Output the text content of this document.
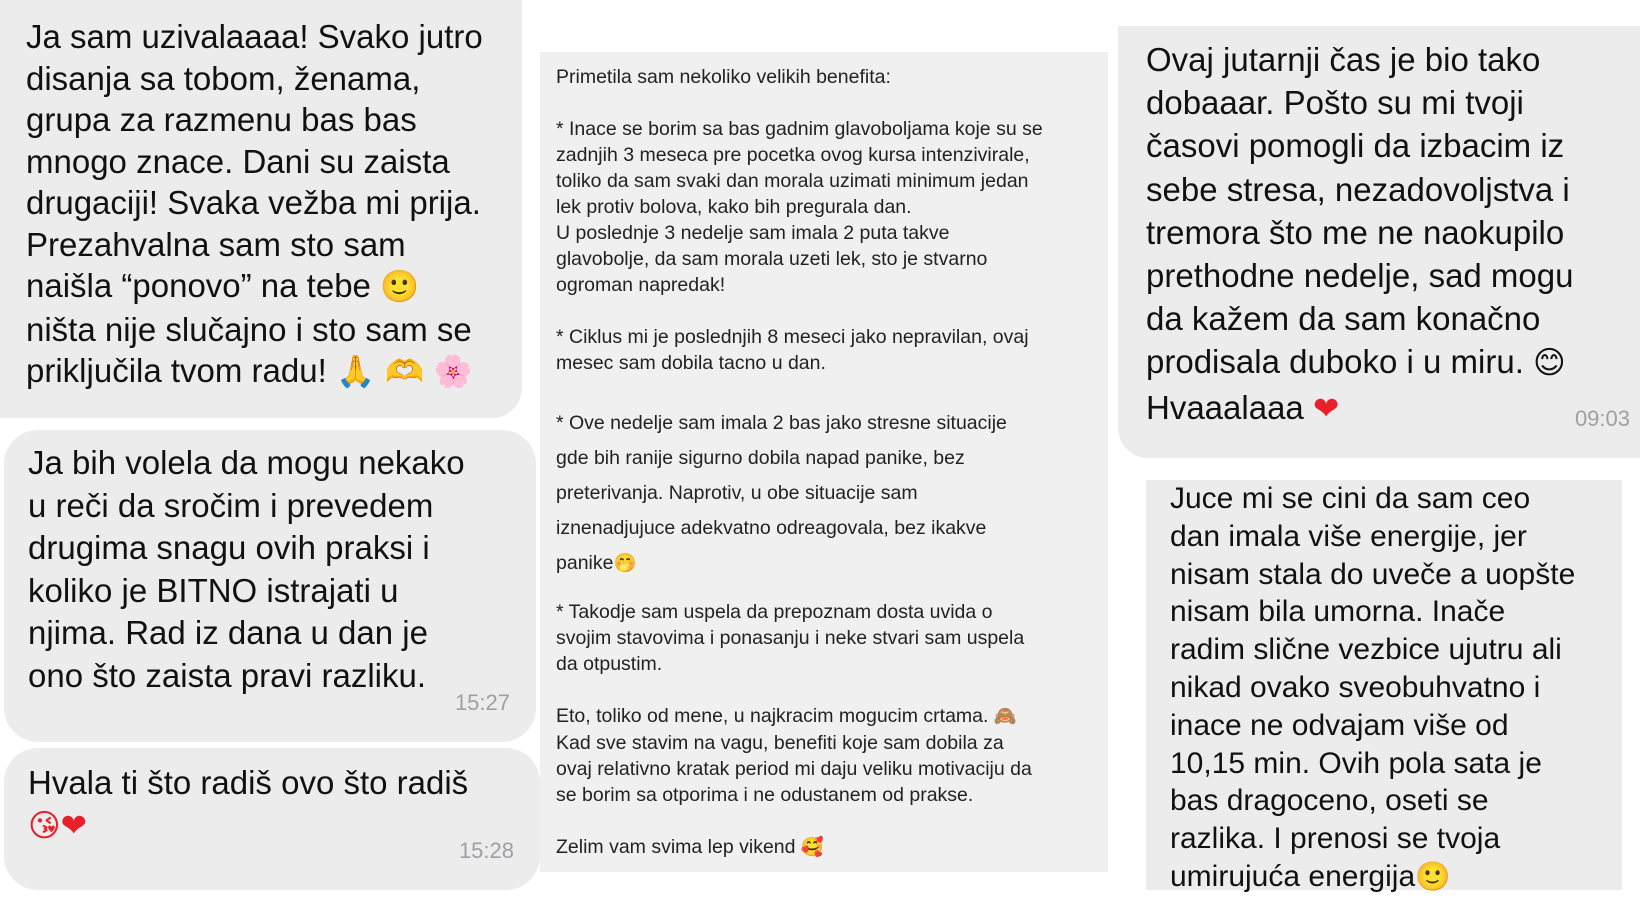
Ja sam uzivalaaaa! Svako jutro
disanja sa tobom, ženama,
grupa za razmenu bas bas
mnogo znace. Dani su zaista
drugaciji! Svaka vežba mi prija.
Prezahvalna sam sto sam
naišla “ponovo” na tebe 🙂
ništa nije slučajno i sto sam se
priključila tvom radu! 🙏 🫶 🌸

Ja bih volela da mogu nekako
u reči da sročim i prevedem
drugima snagu ovih praksi i
koliko je BITNO istrajati u
njima. Rad iz dana u dan je
ono što zaista pravi razliku.

15:27

Hvala ti što radiš ovo što radiš
😘❤

15:28

Primetila sam nekoliko velikih benefita:

* Inace se borim sa bas gadnim glavoboljama koje su se
zadnjih 3 meseca pre pocetka ovog kursa intenzivirale,
toliko da sam svaki dan morala uzimati minimum jedan
lek protiv bolova, kako bih pregurala dan.
U poslednje 3 nedelje sam imala 2 puta takve
glavobolje, da sam morala uzeti lek, sto je stvarno
ogroman napredak!

* Ciklus mi je poslednjih 8 meseci jako nepravilan, ovaj
mesec sam dobila tacno u dan.

* Ove nedelje sam imala 2 bas jako stresne situacije
gde bih ranije sigurno dobila napad panike, bez
preterivanja. Naprotiv, u obe situacije sam
iznenadjujuce adekvatno odreagovala, bez ikakve
panike🤭

* Takodje sam uspela da prepoznam dosta uvida o
svojim stavovima i ponasanju i neke stvari sam uspela
da otpustim.

Eto, toliko od mene, u najkracim mogucim crtama. 🙈
Kad sve stavim na vagu, benefiti koje sam dobila za
ovaj relativno kratak period mi daju veliku motivaciju da
se borim sa otporima i ne odustanem od prakse.

Zelim vam svima lep vikend 🥰

Ovaj jutarnji čas je bio tako
dobaaar. Pošto su mi tvoji
časovi pomogli da izbacim iz
sebe stresa, nezadovoljstva i
tremora što me ne naokupilo
prethodne nedelje, sad mogu
da kažem da sam konačno
prodisala duboko i u miru. 😊
Hvaaalaaa ❤	09:03

Juce mi se cini da sam ceo
dan imala više energije, jer
nisam stala do uveče a uopšte
nisam bila umorna. Inače
radim slične vezbice ujutru ali
nikad ovako sveobuhvatno i
inace ne odvajam više od
10,15 min. Ovih pola sata je
bas dragoceno, oseti se
razlika. I prenosi se tvoja
umirujuća energija🙂
